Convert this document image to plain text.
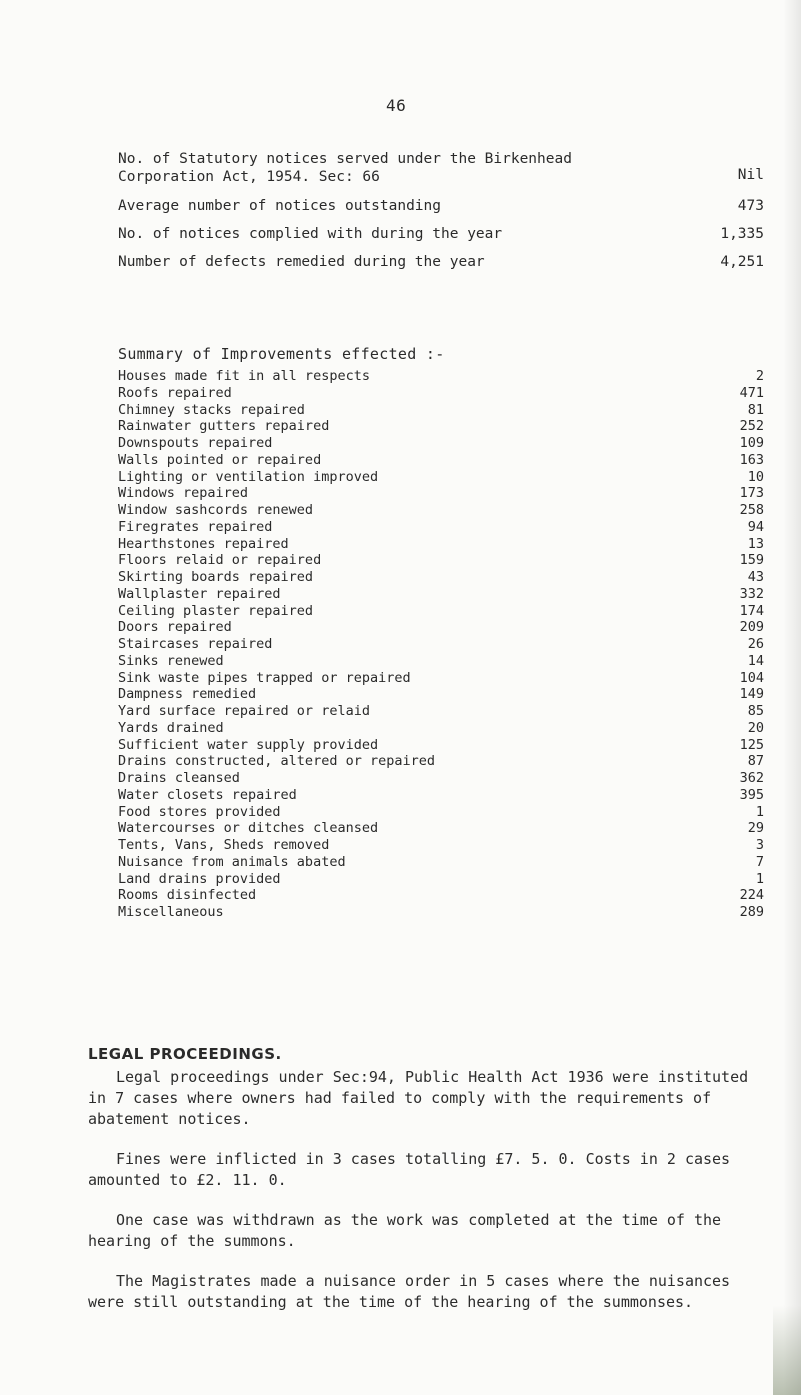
46
No. of Statutory notices served under the Birkenhead
Corporation Act, 1954. Sec: 66	Nil
Average number of notices outstanding	473
No. of notices complied with during the year	1,335
Number of defects remedied during the year	4,251
Summary of Improvements effected :-
Houses made fit in all respects	2
Roofs repaired	471
Chimney stacks repaired	81
Rainwater gutters repaired	252
Downspouts repaired	109
Walls pointed or repaired	163
Lighting or ventilation improved	10
Windows repaired	173
Window sashcords renewed	258
Firegrates repaired	94
Hearthstones repaired	13
Floors relaid or repaired	159
Skirting boards repaired	43
Wallplaster repaired	332
Ceiling plaster repaired	174
Doors repaired	209
Staircases repaired	26
Sinks renewed	14
Sink waste pipes trapped or repaired	104
Dampness remedied	149
Yard surface repaired or relaid	85
Yards drained	20
Sufficient water supply provided	125
Drains constructed, altered or repaired	87
Drains cleansed	362
Water closets repaired	395
Food stores provided	1
Watercourses or ditches cleansed	29
Tents, Vans, Sheds removed	3
Nuisance from animals abated	7
Land drains provided	1
Rooms disinfected	224
Miscellaneous	289
LEGAL PROCEEDINGS.

Legal proceedings under Sec:94, Public Health Act 1936 were instituted in 7 cases where owners had failed to comply with the requirements of abatement notices.

Fines were inflicted in 3 cases totalling £7. 5. 0. Costs in 2 cases amounted to £2. 11. 0.

One case was withdrawn as the work was completed at the time of the hearing of the summons.

The Magistrates made a nuisance order in 5 cases where the nuisances were still outstanding at the time of the hearing of the summonses.
